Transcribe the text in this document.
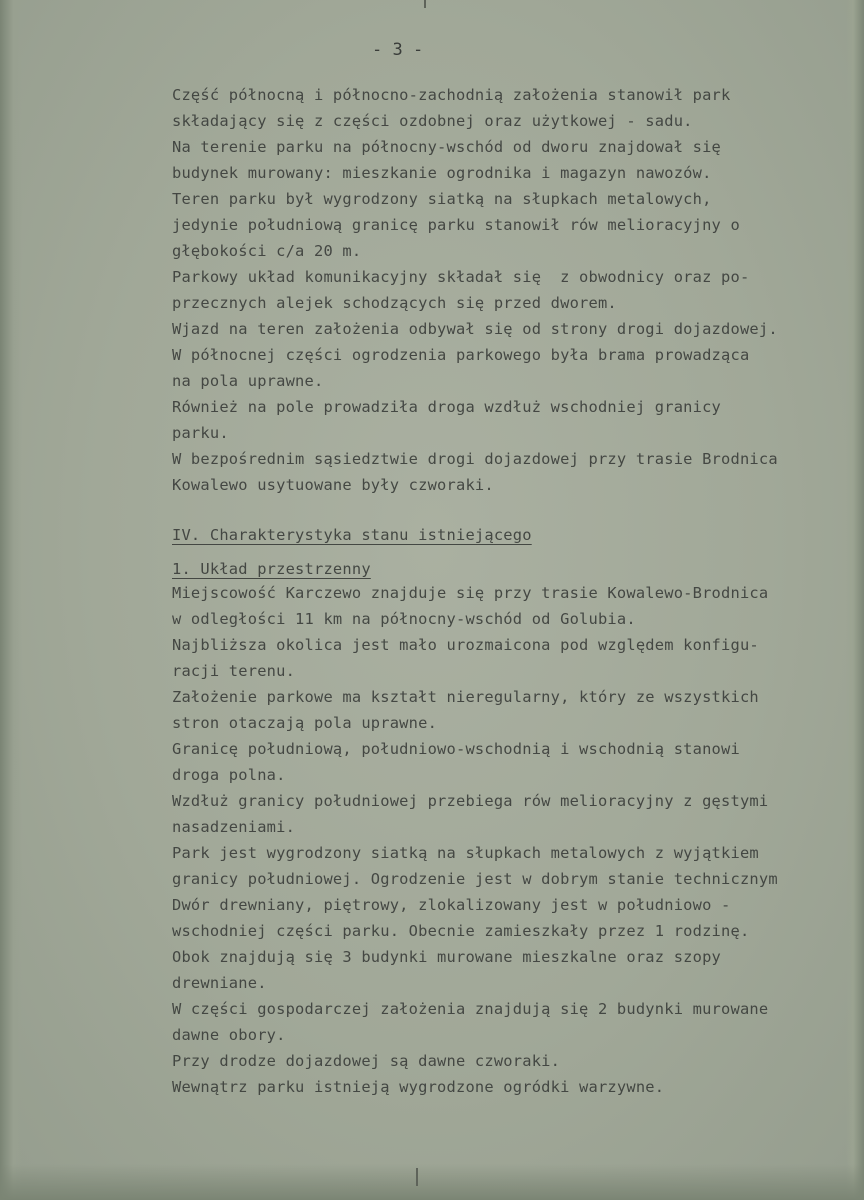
- 3 -

Część północną i północno-zachodnią założenia stanowił park

składający się z części ozdobnej oraz użytkowej - sadu.

Na terenie parku na północny-wschód od dworu znajdował się

budynek murowany: mieszkanie ogrodnika i magazyn nawozów.

Teren parku był wygrodzony siatką na słupkach metalowych,

jedynie południową granicę parku stanowił rów melioracyjny o

głębokości c/a 20 m.

Parkowy układ komunikacyjny składał się  z obwodnicy oraz po-

przecznych alejek schodzących się przed dworem.

Wjazd na teren założenia odbywał się od strony drogi dojazdowej.

W północnej części ogrodzenia parkowego była brama prowadząca

na pola uprawne.

Również na pole prowadziła droga wzdłuż wschodniej granicy

parku.

W bezpośrednim sąsiedztwie drogi dojazdowej przy trasie Brodnica

Kowalewo usytuowane były czworaki.

IV. Charakterystyka stanu istniejącego

1. Układ przestrzenny

Miejscowość Karczewo znajduje się przy trasie Kowalewo-Brodnica

w odległości 11 km na północny-wschód od Golubia.

Najbliższa okolica jest mało urozmaicona pod względem konfigu-

racji terenu.

Założenie parkowe ma kształt nieregularny, który ze wszystkich

stron otaczają pola uprawne.

Granicę południową, południowo-wschodnią i wschodnią stanowi

droga polna.

Wzdłuż granicy południowej przebiega rów melioracyjny z gęstymi

nasadzeniami.

Park jest wygrodzony siatką na słupkach metalowych z wyjątkiem

granicy południowej. Ogrodzenie jest w dobrym stanie technicznym

Dwór drewniany, piętrowy, zlokalizowany jest w południowo -

wschodniej części parku. Obecnie zamieszkały przez 1 rodzinę.

Obok znajdują się 3 budynki murowane mieszkalne oraz szopy

drewniane.

W części gospodarczej założenia znajdują się 2 budynki murowane

dawne obory.

Przy drodze dojazdowej są dawne czworaki.

Wewnątrz parku istnieją wygrodzone ogródki warzywne.
